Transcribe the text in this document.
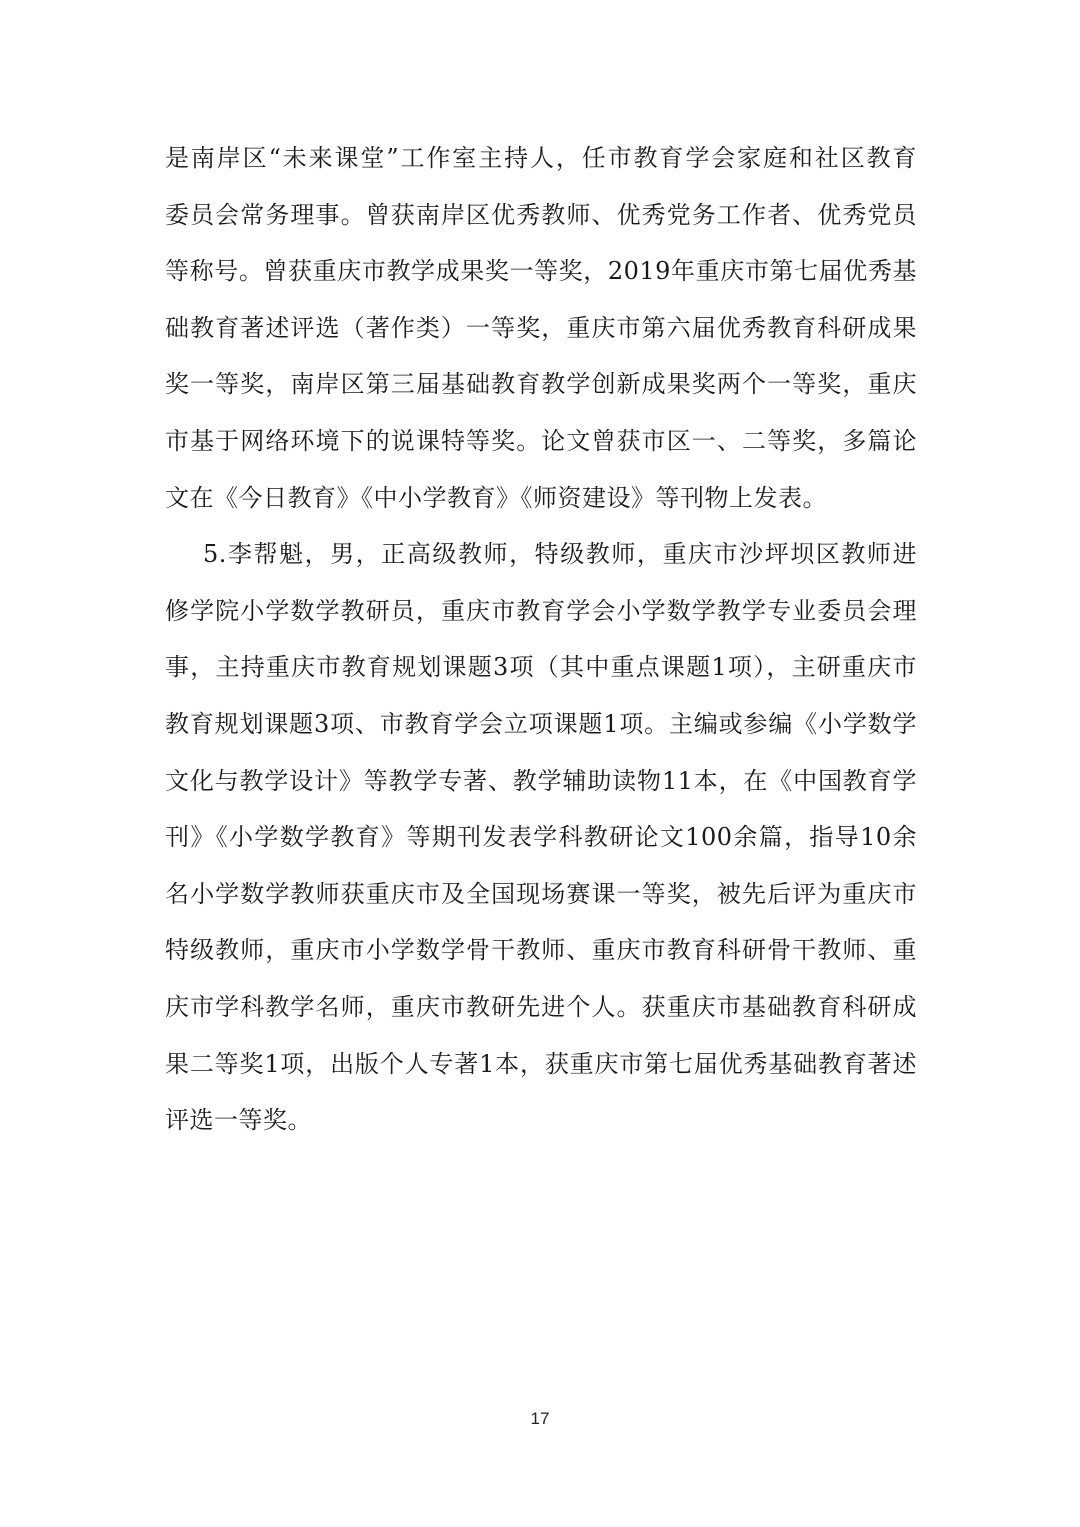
是南岸区“未来课堂”工作室主持人，任市教育学会家庭和社区教育
委员会常务理事。曾获南岸区优秀教师、优秀党务工作者、优秀党员
等称号。曾获重庆市教学成果奖一等奖，2019年重庆市第七届优秀基
础教育著述评选（著作类）一等奖，重庆市第六届优秀教育科研成果
奖一等奖，南岸区第三届基础教育教学创新成果奖两个一等奖，重庆
市基于网络环境下的说课特等奖。论文曾获市区一、二等奖，多篇论
文在《今日教育》《中小学教育》《师资建设》等刊物上发表。
5.李帮魁，男，正高级教师，特级教师，重庆市沙坪坝区教师进
修学院小学数学教研员，重庆市教育学会小学数学教学专业委员会理
事，主持重庆市教育规划课题3项（其中重点课题1项），主研重庆市
教育规划课题3项、市教育学会立项课题1项。主编或参编《小学数学
文化与教学设计》等教学专著、教学辅助读物11本，在《中国教育学
刊》《小学数学教育》等期刊发表学科教研论文100余篇，指导10余
名小学数学教师获重庆市及全国现场赛课一等奖，被先后评为重庆市
特级教师，重庆市小学数学骨干教师、重庆市教育科研骨干教师、重
庆市学科教学名师，重庆市教研先进个人。获重庆市基础教育科研成
果二等奖1项，出版个人专著1本，获重庆市第七届优秀基础教育著述
评选一等奖。
17
